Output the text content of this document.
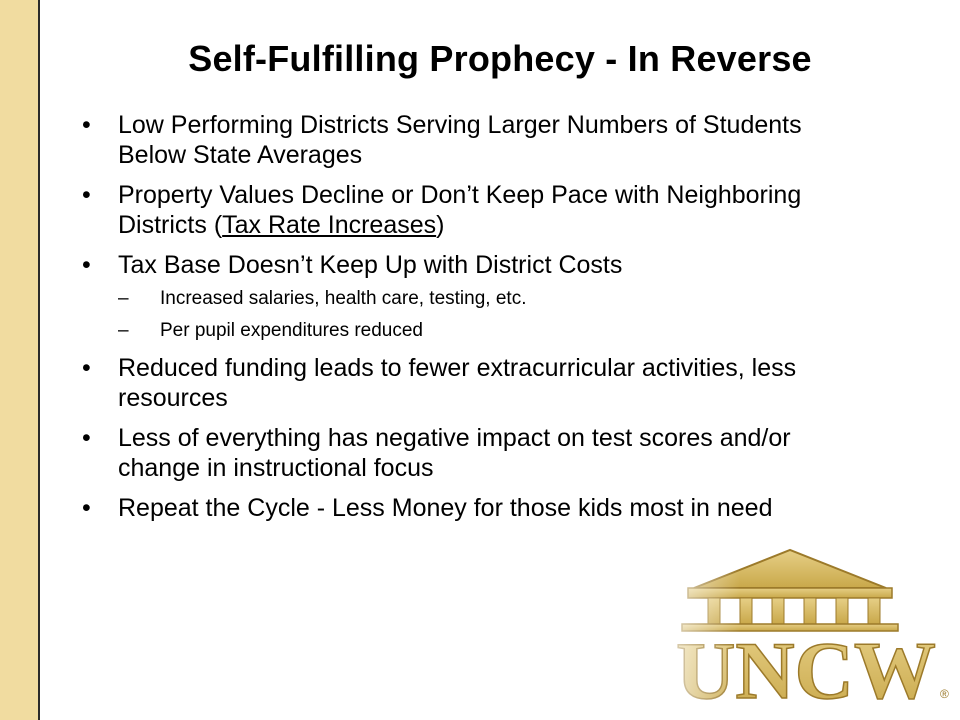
Self-Fulfilling Prophecy - In Reverse
• Low Performing Districts Serving Larger Numbers of Students Below State Averages
• Property Values Decline or Don’t Keep Pace with Neighboring Districts (Tax Rate Increases)
• Tax Base Doesn’t Keep Up with District Costs
– Increased salaries, health care, testing, etc.
– Per pupil expenditures reduced
• Reduced funding leads to fewer extracurricular activities, less resources
• Less of everything has negative impact on test scores and/or change in instructional focus
• Repeat the Cycle - Less Money for those kids most in need
